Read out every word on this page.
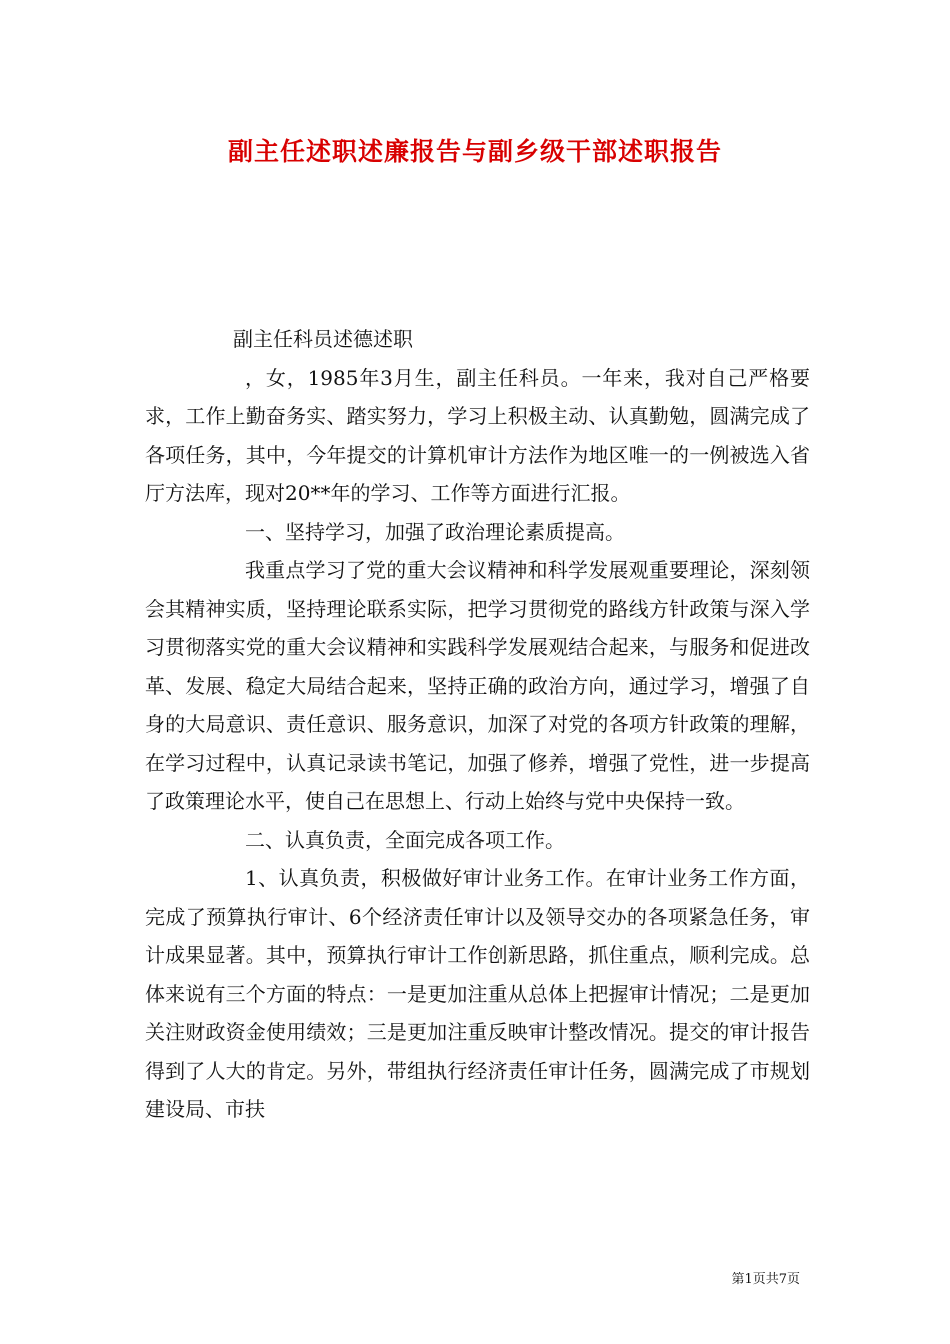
副主任述职述廉报告与副乡级干部述职报告

副主任科员述德述职

，女，1985年3月生，副主任科员。一年来，我对自己严格要求，工作上勤奋务实、踏实努力，学习上积极主动、认真勤勉，圆满完成了各项任务，其中，今年提交的计算机审计方法作为地区唯一的一例被选入省厅方法库，现对20**年的学习、工作等方面进行汇报。

一、坚持学习，加强了政治理论素质提高。

我重点学习了党的重大会议精神和科学发展观重要理论，深刻领会其精神实质，坚持理论联系实际，把学习贯彻党的路线方针政策与深入学习贯彻落实党的重大会议精神和实践科学发展观结合起来，与服务和促进改革、发展、稳定大局结合起来，坚持正确的政治方向，通过学习，增强了自身的大局意识、责任意识、服务意识，加深了对党的各项方针政策的理解，在学习过程中，认真记录读书笔记，加强了修养，增强了党性，进一步提高了政策理论水平，使自己在思想上、行动上始终与党中央保持一致。

二、认真负责，全面完成各项工作。

1、认真负责，积极做好审计业务工作。在审计业务工作方面，完成了预算执行审计、6个经济责任审计以及领导交办的各项紧急任务，审计成果显著。其中，预算执行审计工作创新思路，抓住重点，顺利完成。总体来说有三个方面的特点：一是更加注重从总体上把握审计情况；二是更加关注财政资金使用绩效；三是更加注重反映审计整改情况。提交的审计报告得到了人大的肯定。另外，带组执行经济责任审计任务，圆满完成了市规划建设局、市扶

第1页共7页
